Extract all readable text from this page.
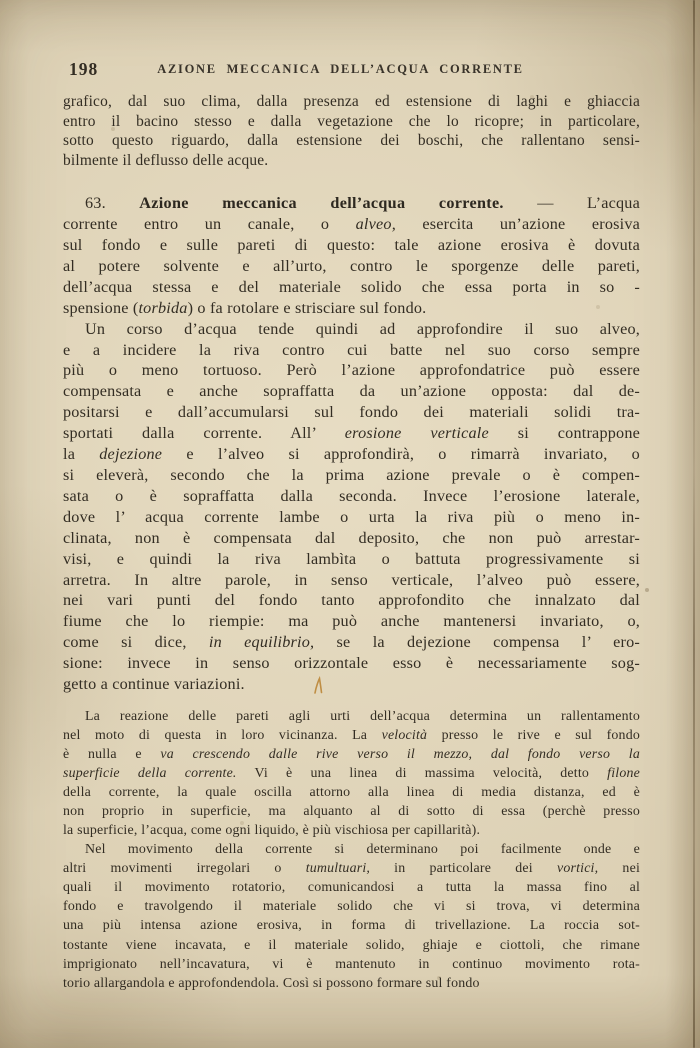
198	AZIONE MECCANICA DELL’ACQUA CORRENTE
grafico, dal suo clima, dalla presenza ed estensione di laghi e ghiaccia
entro il bacino stesso e dalla vegetazione che lo ricopre; in particolare,
sotto questo riguardo, dalla estensione dei boschi, che rallentano sensi-
bilmente il deflusso delle acque.
63. Azione meccanica dell’acqua corrente. — L’acqua
corrente entro un canale, o alveo, esercita un’azione erosiva
sul fondo e sulle pareti di questo: tale azione erosiva è dovuta
al potere solvente e all’urto, contro le sporgenze delle pareti,
dell’acqua stessa e del materiale solido che essa porta in so -
spensione (torbida) o fa rotolare e strisciare sul fondo.
Un corso d’acqua tende quindi ad approfondire il suo alveo,
e a incidere la riva contro cui batte nel suo corso sempre
più o meno tortuoso. Però l’azione approfondatrice può essere
compensata e anche sopraffatta da un’azione opposta: dal de-
positarsi e dall’accumularsi sul fondo dei materiali solidi tra-
sportati dalla corrente. All’ erosione verticale si contrappone
la dejezione e l’alveo si approfondirà, o rimarrà invariato, o
si eleverà, secondo che la prima azione prevale o è compen-
sata o è sopraffatta dalla seconda. Invece l’erosione laterale,
dove l’ acqua corrente lambe o urta la riva più o meno in-
clinata, non è compensata dal deposito, che non può arrestar-
visi, e quindi la riva lambìta o battuta progressivamente si
arretra. In altre parole, in senso verticale, l’alveo può essere,
nei vari punti del fondo tanto approfondito che innalzato dal
fiume che lo riempie: ma può anche mantenersi invariato, o,
come si dice, in equilibrio, se la dejezione compensa l’ ero-
sione: invece in senso orizzontale esso è necessariamente sog-
getto a continue variazioni.
La reazione delle pareti agli urti dell’acqua determina un rallentamento
nel moto di questa in loro vicinanza. La velocità presso le rive e sul fondo
è nulla e va crescendo dalle rive verso il mezzo, dal fondo verso la
superficie della corrente. Vi è una linea di massima velocità, detto filone
della corrente, la quale oscilla attorno alla linea di media distanza, ed è
non proprio in superficie, ma alquanto al di sotto di essa (perchè presso
la superficie, l’acqua, come ogni liquido, è più vischiosa per capillarità).
Nel movimento della corrente si determinano poi facilmente onde e
altri movimenti irregolari o tumultuari, in particolare dei vortici, nei
quali il movimento rotatorio, comunicandosi a tutta la massa fino al
fondo e travolgendo il materiale solido che vi si trova, vi determina
una più intensa azione erosiva, in forma di trivellazione. La roccia sot-
tostante viene incavata, e il materiale solido, ghiaje e ciottoli, che rimane
imprigionato nell’incavatura, vi è mantenuto in continuo movimento rota-
torio allargandola e approfondendola. Così si possono formare sul fondo
